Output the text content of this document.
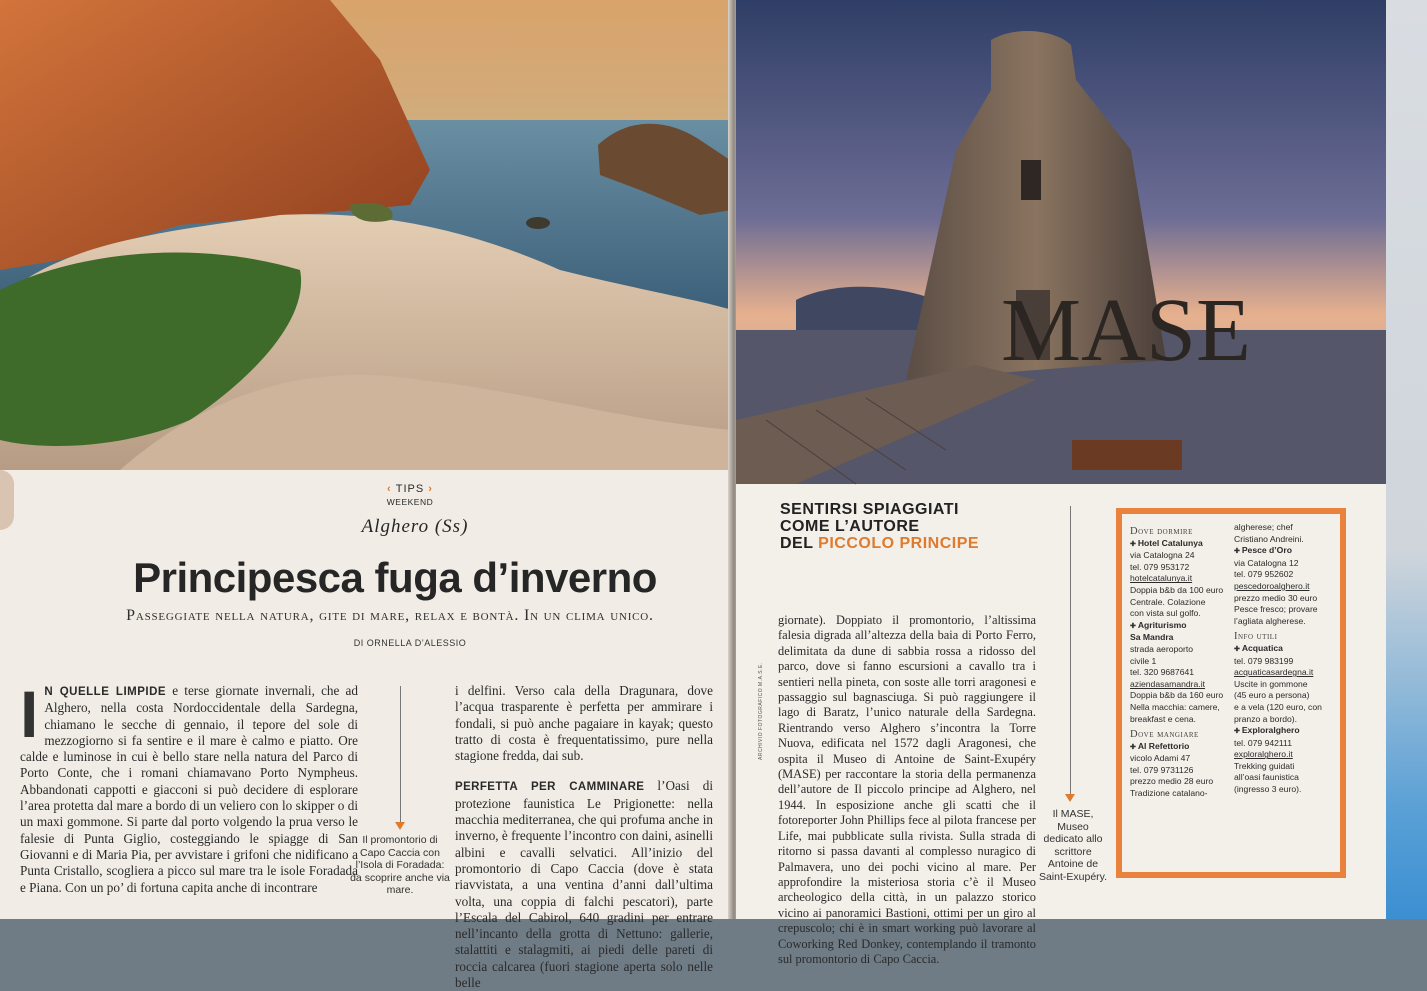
‹ TIPS ›
WEEKEND
Alghero (Ss)
Principesca fuga d’inverno
Passeggiate nella natura, gite di mare, relax e bontà. In un clima unico.
DI ORNELLA D’ALESSIO

I N QUELLE LIMPIDE e terse giornate invernali, che ad Alghero, nella costa Nordoccidentale della Sardegna, chiamano le secche di gennaio, il tepore del sole di mezzogiorno si fa sentire e il mare è calmo e piatto. Ore calde e luminose in cui è bello stare nella natura del Parco di Porto Conte, che i romani chiamavano Porto Nympheus. Abbandonati cappotti e giacconi si può decidere di esplorare l’area protetta dal mare a bordo di un veliero con lo skipper o di un maxi gommone. Si parte dal porto volgendo la prua verso le falesie di Punta Giglio, costeggiando le spiagge di San Giovanni e di Maria Pia, per avvistare i grifoni che nidificano a Punta Cristallo, scogliera a picco sul mare tra le isole Foradada e Piana. Con un po’ di fortuna capita anche di incontrare

Il promontorio di Capo Caccia con l’Isola di Foradada: da scoprire anche via mare.

i delfini. Verso cala della Dragunara, dove l’acqua trasparente è perfetta per ammirare i fondali, si può anche pagaiare in kayak; questo tratto di costa è frequentatissimo, pure nella stagione fredda, dai sub.

PERFETTA PER CAMMINARE l’Oasi di protezione faunistica Le Prigionette: nella macchia mediterranea, che qui profuma anche in inverno, è frequente l’incontro con daini, asinelli albini e cavalli selvatici. All’inizio del promontorio di Capo Caccia (dove è stata riavvistata, a una ventina d’anni dall’ultima volta, una coppia di falchi pescatori), parte l’Escala del Cabirol, 640 gradini per entrare nell’incanto della grotta di Nettuno: gallerie, stalattiti e stalagmiti, ai piedi delle pareti di roccia calcarea (fuori stagione aperta solo nelle belle

MASE
SENTIRSI SPIAGGIATI
COME L’AUTORE
DEL PICCOLO PRINCIPE
Il MASE, Museo dedicato allo scrittore Antoine de Saint-Exupéry.
ARCHIVIO FOTOGRAFICO M.A.S.E.
giornate). Doppiato il promontorio, l’altissima falesia digrada all’altezza della baia di Porto Ferro, delimitata da dune di sabbia rossa a ridosso del parco, dove si fanno escursioni a cavallo tra i sentieri nella pineta, con soste alle torri aragonesi e passaggio sul bagnasciuga. Si può raggiungere il lago di Baratz, l’unico naturale della Sardegna. Rientrando verso Alghero s’incontra la Torre Nuova, edificata nel 1572 dagli Aragonesi, che ospita il Museo di Antoine de Saint-Exupéry (MASE) per raccontare la storia della permanenza dell’autore de Il piccolo principe ad Alghero, nel 1944. In esposizione anche gli scatti che il fotoreporter John Phillips fece al pilota francese per Life, mai pubblicate sulla rivista. Sulla strada di ritorno si passa davanti al complesso nuragico di Palmavera, uno dei pochi vicino al mare. Per approfondire la misteriosa storia c’è il Museo archeologico della città, in un palazzo storico vicino ai panoramici Bastioni, ottimi per un giro al crepuscolo; chi è in smart working può lavorare al Coworking Red Donkey, contemplando il tramonto sul promontorio di Capo Caccia.
Dove dormire
✚ Hotel Catalunya
via Catalogna 24
tel. 079 953172
hotelcatalunya.it
Doppia b&b da 100 euro
Centrale. Colazione
con vista sul golfo.
✚ Agriturismo
Sa Mandra
strada aeroporto
civile 1
tel. 320 9687641
aziendasamandra.it
Doppia b&b da 160 euro
Nella macchia: camere,
breakfast e cena.
Dove mangiare
✚ Al Refettorio
vicolo Adami 47
tel. 079 9731126
prezzo medio 28 euro
Tradizione catalano-
algherese; chef
Cristiano Andreini.
✚ Pesce d’Oro
via Catalogna 12
tel. 079 952602
pescedoroalghero.it
prezzo medio 30 euro
Pesce fresco; provare
l’agliata algherese.
Info utili
✚ Acquatica
tel. 079 983199
acquaticasardegna.it
Uscite in gommone
(45 euro a persona)
e a vela (120 euro, con
pranzo a bordo).
✚ Exploralghero
tel. 079 942111
exploralghero.it
Trekking guidati
all’oasi faunistica
(ingresso 3 euro).
